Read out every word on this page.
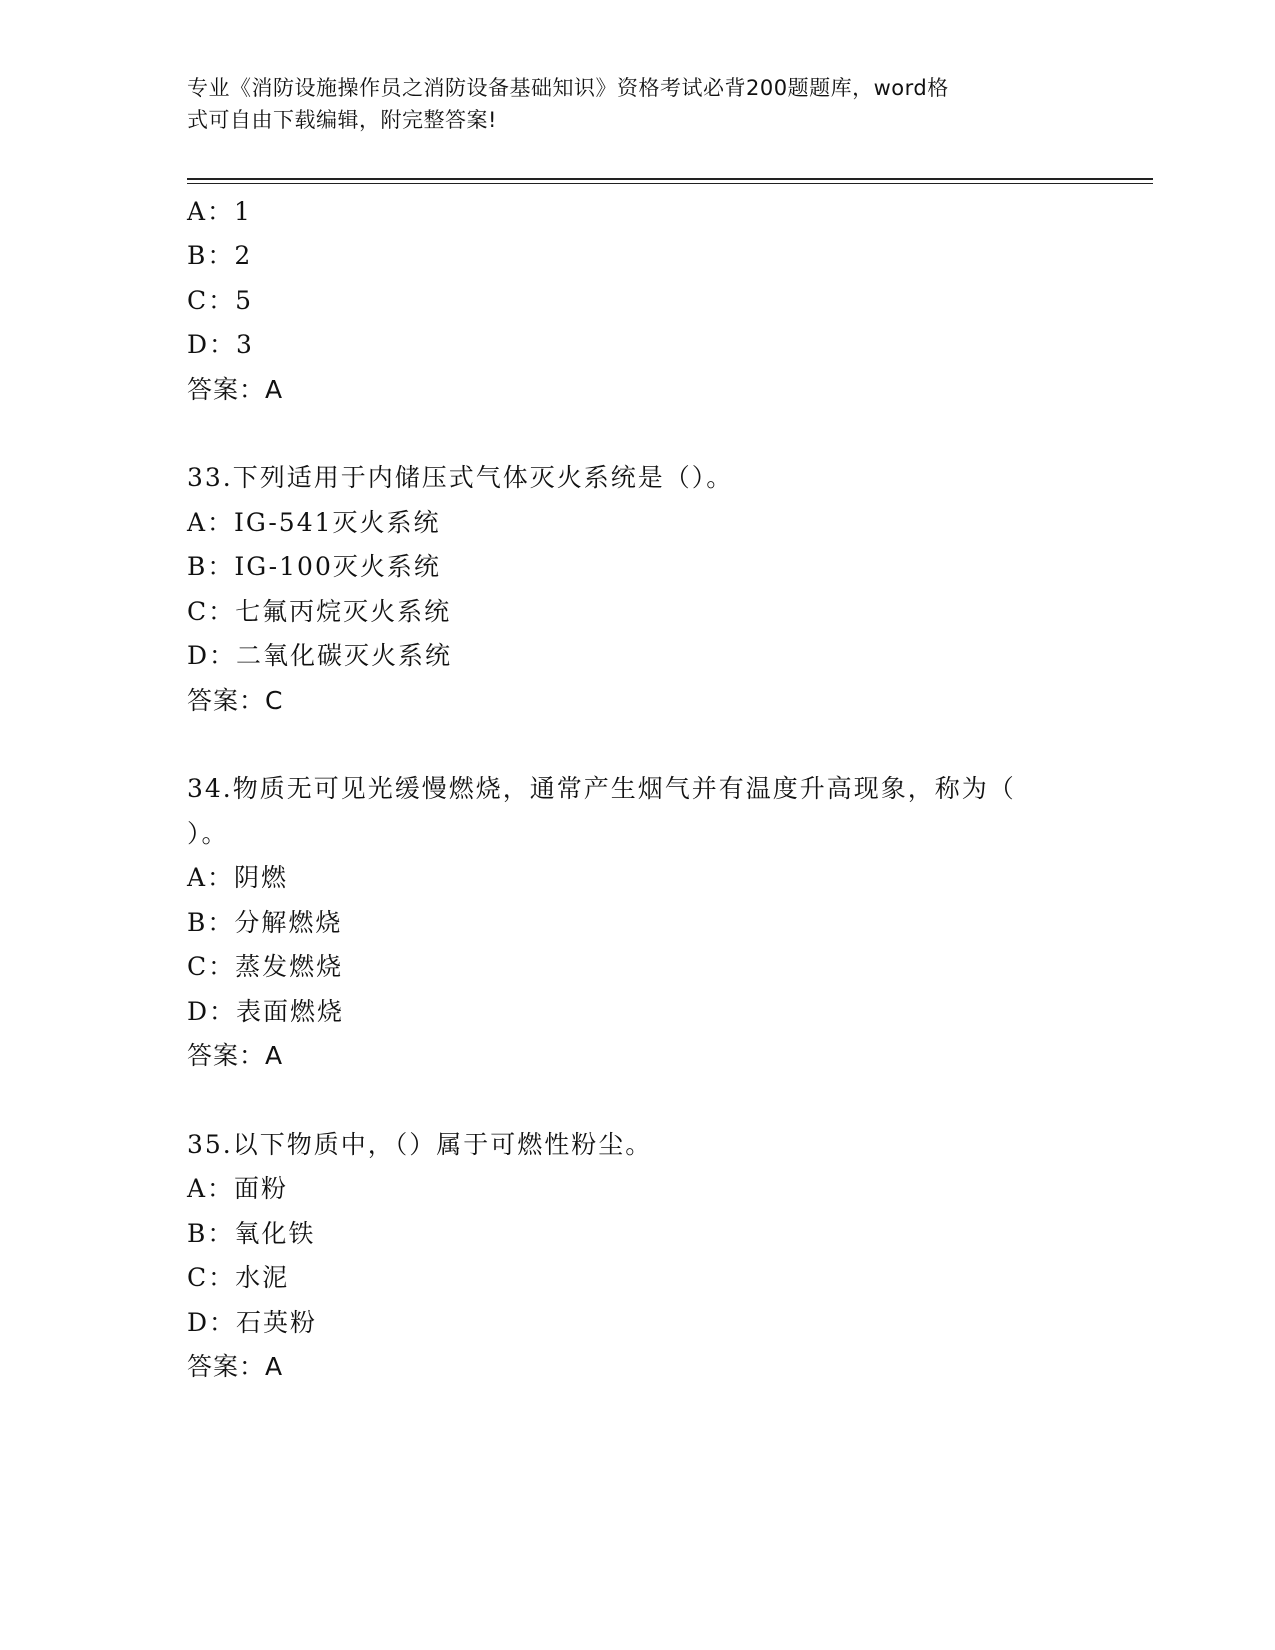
专业《消防设施操作员之消防设备基础知识》资格考试必背200题题库，word格
式可自由下载编辑，附完整答案!
A：1
B：2
C：5
D：3
答案：A
33.下列适用于内储压式气体灭火系统是（）。
A：IG-541灭火系统
B：IG-100灭火系统
C：七氟丙烷灭火系统
D：二氧化碳灭火系统
答案：C
34.物质无可见光缓慢燃烧，通常产生烟气并有温度升高现象，称为（
）。
A：阴燃
B：分解燃烧
C：蒸发燃烧
D：表面燃烧
答案：A
35.以下物质中，（）属于可燃性粉尘。
A：面粉
B：氧化铁
C：水泥
D：石英粉
答案：A
